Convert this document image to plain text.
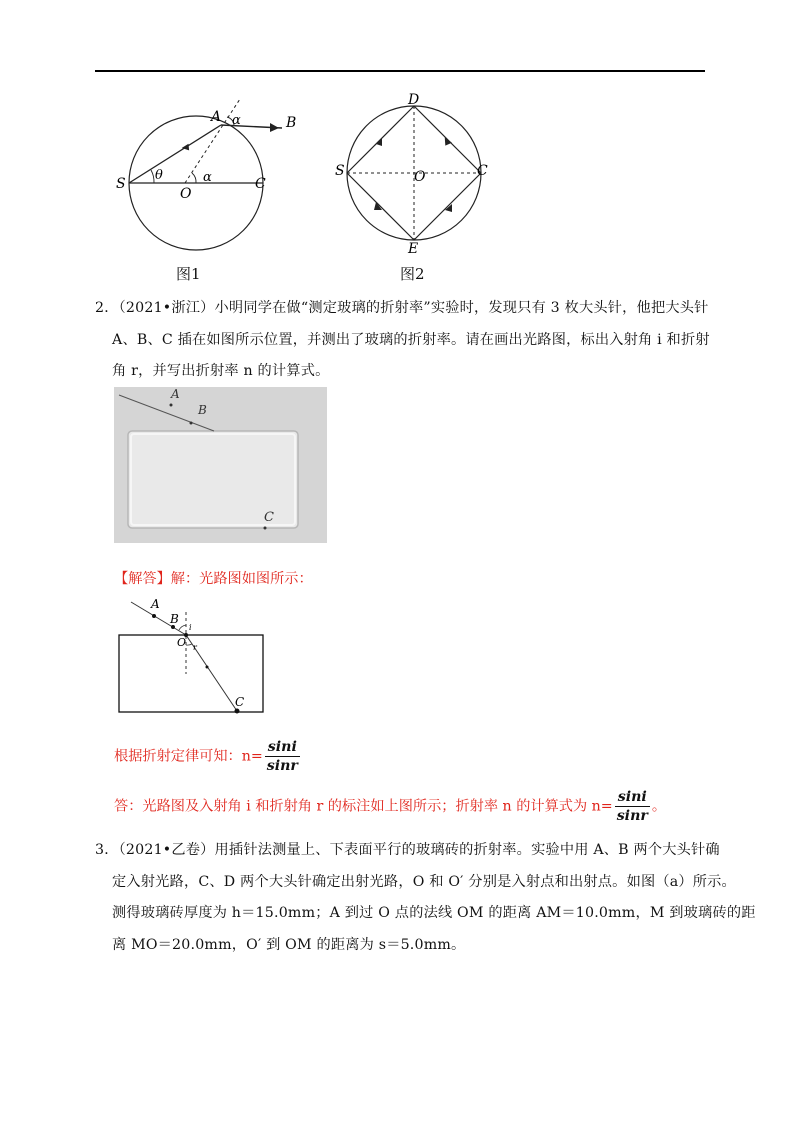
A α	B
S
θ	α
O
C
图1
D
S	O	C
E
图2
2．（2021•浙江）小明同学在做“测定玻璃的折射率”实验时，发现只有 3 枚大头针，他把大头针
A、B、C 插在如图所示位置，并测出了玻璃的折射率。请在画出光路图，标出入射角 i 和折射
角 r，并写出折射率 n 的计算式。
A
B
C
【解答】解：光路图如图所示：
A
B
O
i
r
C
根据折射定律可知：$n= \frac{\sin i}{\sin r}$
答：光路图及入射角 i 和折射角 r 的标注如上图所示；折射率 n 的计算式为 $n= \frac{\sin i}{\sin r}$ 。
3．（2021•乙卷）用插针法测量上、下表面平行的玻璃砖的折射率。实验中用 A、B 两个大头针确
定入射光路，C、D 两个大头针确定出射光路，O 和 O′ 分别是入射点和出射点。如图（a）所示。
测得玻璃砖厚度为 h＝15.0mm；A 到过 O 点的法线 OM 的距离 AM＝10.0mm，M 到玻璃砖的距
离 MO＝20.0mm，O′ 到 OM 的距离为 s＝5.0mm。
